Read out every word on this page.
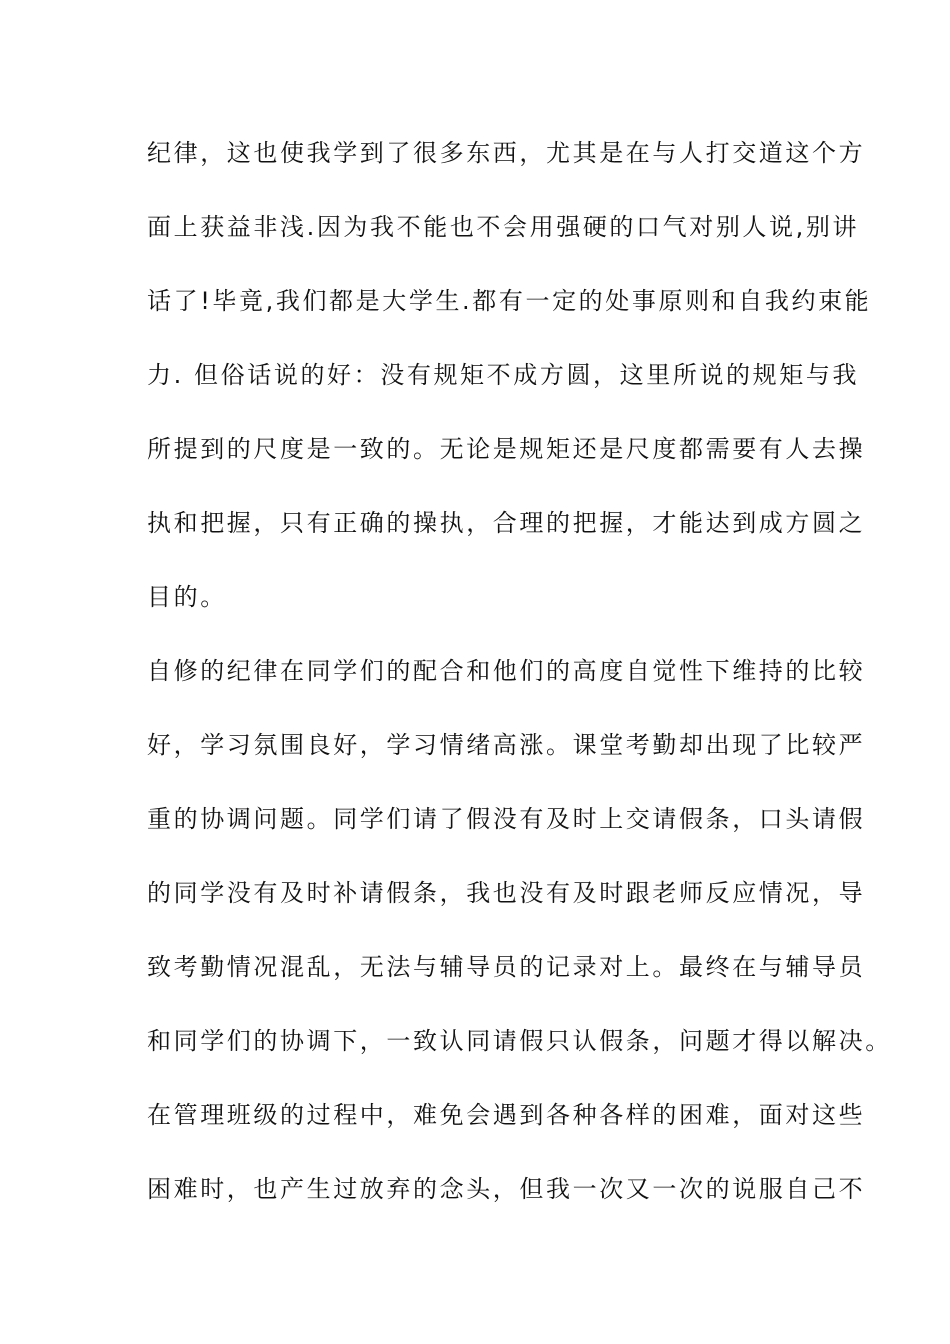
纪律，这也使我学到了很多东西，尤其是在与人打交道这个方
面上获益非浅.因为我不能也不会用强硬的口气对别人说,别讲
话了!毕竟,我们都是大学生.都有一定的处事原则和自我约束能
力. 但俗话说的好：没有规矩不成方圆，这里所说的规矩与我
所提到的尺度是一致的。无论是规矩还是尺度都需要有人去操
执和把握，只有正确的操执，合理的把握，才能达到成方圆之
目的。
自修的纪律在同学们的配合和他们的高度自觉性下维持的比较
好，学习氛围良好，学习情绪高涨。课堂考勤却出现了比较严
重的协调问题。同学们请了假没有及时上交请假条，口头请假
的同学没有及时补请假条，我也没有及时跟老师反应情况，导
致考勤情况混乱，无法与辅导员的记录对上。最终在与辅导员
和同学们的协调下，一致认同请假只认假条，问题才得以解决。
在管理班级的过程中，难免会遇到各种各样的困难，面对这些
困难时，也产生过放弃的念头，但我一次又一次的说服自己不
